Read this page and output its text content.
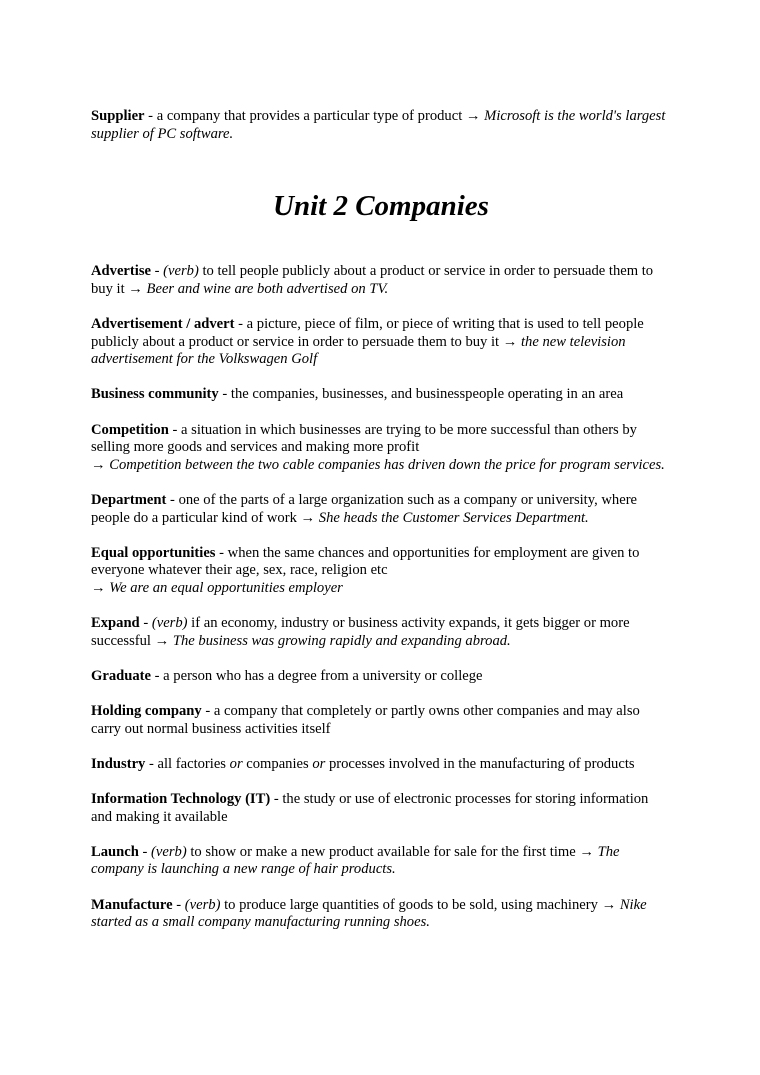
Supplier - a company that provides a particular type of product → Microsoft is the world's largest supplier of PC software.

Unit 2 Companies

Advertise - (verb) to tell people publicly about a product or service in order to persuade them to buy it → Beer and wine are both advertised on TV.

Advertisement / advert - a picture, piece of film, or piece of writing that is used to tell people publicly about a product or service in order to persuade them to buy it → the new television advertisement for the Volkswagen Golf

Business community - the companies, businesses, and businesspeople operating in an area

Competition - a situation in which businesses are trying to be more successful than others by selling more goods and services and making more profit
→ Competition between the two cable companies has driven down the price for program services.

Department - one of the parts of a large organization such as a company or university, where people do a particular kind of work → She heads the Customer Services Department.

Equal opportunities - when the same chances and opportunities for employment are given to everyone whatever their age, sex, race, religion etc
→ We are an equal opportunities employer

Expand - (verb) if an economy, industry or business activity expands, it gets bigger or more successful → The business was growing rapidly and expanding abroad.

Graduate - a person who has a degree from a university or college

Holding company - a company that completely or partly owns other companies and may also carry out normal business activities itself

Industry - all factories or companies or processes involved in the manufacturing of products

Information Technology (IT) - the study or use of electronic processes for storing information and making it available

Launch - (verb) to show or make a new product available for sale for the first time → The company is launching a new range of hair products.

Manufacture - (verb) to produce large quantities of goods to be sold, using machinery → Nike started as a small company manufacturing running shoes.
